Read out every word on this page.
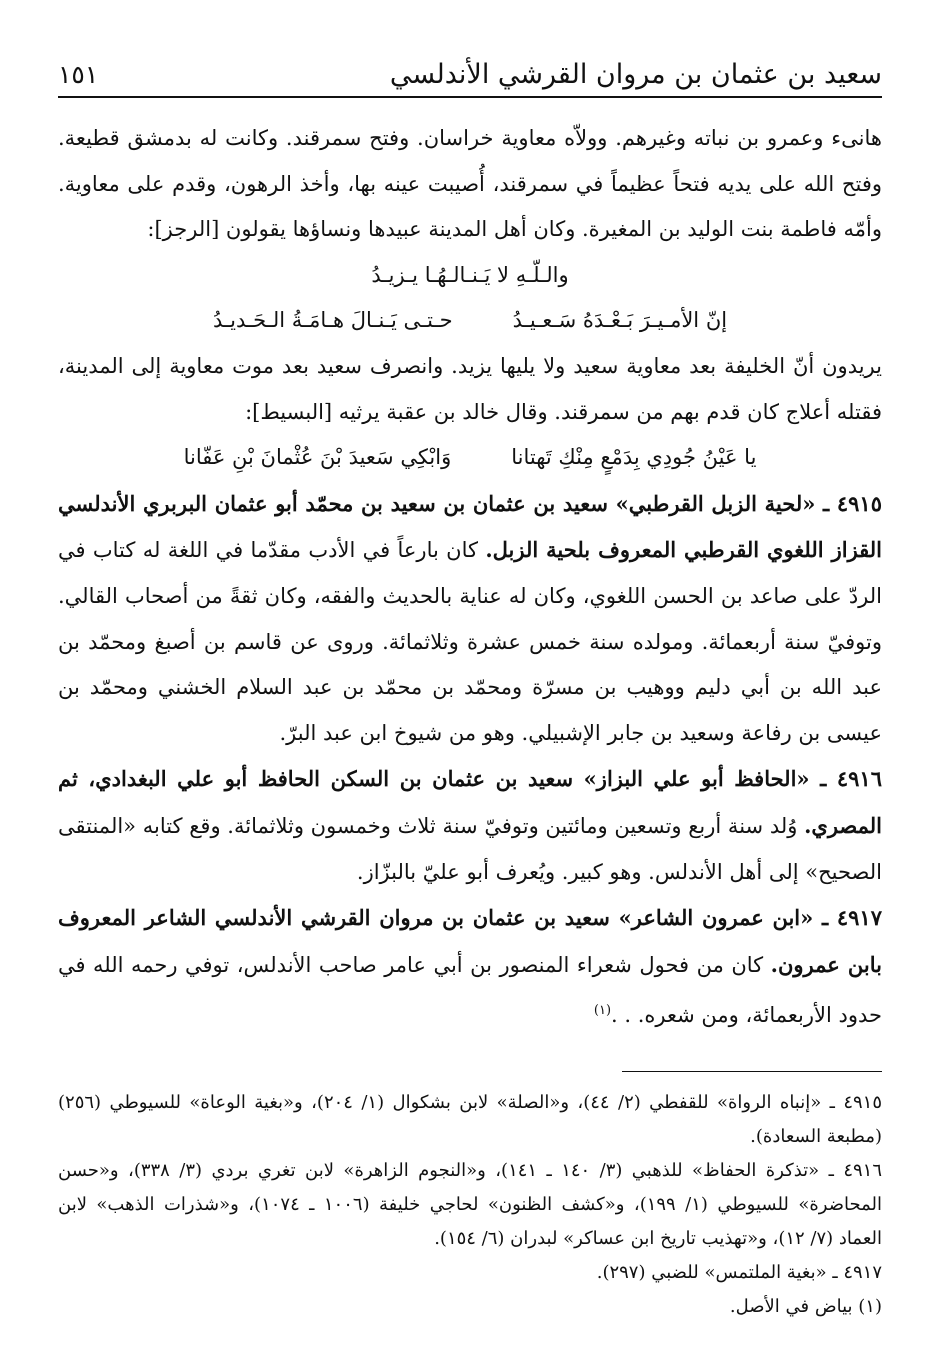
سعيد بن عثمان بن مروان القرشي الأندلسي
١٥١

هانىء وعمرو بن نباته وغيرهم. وولاّه معاوية خراسان. وفتح سمرقند. وكانت له بدمشق قطيعة. وفتح الله على يديه فتحاً عظيماً في سمرقند، أُصيبت عينه بها، وأخذ الرهون، وقدم على معاوية. وأمّه فاطمة بنت الوليد بن المغيرة. وكان أهل المدينة عبيدها ونساؤها يقولون [الرجز]:

والـلّـهِ لا يَـنـالـهُـا يـزيـدُ
إنّ الأمـيـرَ بَـعْـدَهُ سَـعـيـدُ
حـتـى يَـنـالَ هـامَـةُ الـحَـديـدُ

يريدون أنّ الخليفة بعد معاوية سعيد ولا يليها يزيد. وانصرف سعيد بعد موت معاوية إلى المدينة، فقتله أعلاج كان قدم بهم من سمرقند. وقال خالد بن عقبة يرثيه [البسيط]:

يا عَيْنُ جُودِي بِدَمْعٍ مِنْكِ تَهتانا
وَابْكِي سَعيدَ بْنَ عُثْمانَ بْنِ عَفّانا

٤٩١٥ ـ «لحية الزبل القرطبي» سعيد بن عثمان بن سعيد بن محمّد أبو عثمان البربري الأندلسي القزاز اللغوي القرطبي المعروف بلحية الزبل. كان بارعاً في الأدب مقدّما في اللغة له كتاب في الردّ على صاعد بن الحسن اللغوي، وكان له عناية بالحديث والفقه، وكان ثقةً من أصحاب القالي. وتوفيّ سنة أربعمائة. ومولده سنة خمس عشرة وثلاثمائة. وروى عن قاسم بن أصبغ ومحمّد بن عبد الله بن أبي دليم ووهيب بن مسرّة ومحمّد بن محمّد بن عبد السلام الخشني ومحمّد بن عيسى بن رفاعة وسعيد بن جابر الإشبيلي. وهو من شيوخ ابن عبد البرّ.

٤٩١٦ ـ «الحافظ أبو علي البزاز» سعيد بن عثمان بن السكن الحافظ أبو علي البغدادي، ثم المصري. وُلد سنة أربع وتسعين ومائتين وتوفيّ سنة ثلاث وخمسون وثلاثمائة. وقع كتابه «المنتقى الصحيح» إلى أهل الأندلس. وهو كبير. ويُعرف أبو عليّ بالبزّاز.

٤٩١٧ ـ «ابن عمرون الشاعر» سعيد بن عثمان بن مروان القرشي الأندلسي الشاعر المعروف بابن عمرون. كان من فحول شعراء المنصور بن أبي عامر صاحب الأندلس، توفي رحمه الله في حدود الأربعمائة، ومن شعره. . .$^{(١)}$

٤٩١٥ ـ «إنباه الرواة» للقفطي (٢/ ٤٤)، و«الصلة» لابن بشكوال (١/ ٢٠٤)، و«بغية الوعاة» للسيوطي (٢٥٦) (مطبعة السعادة).

٤٩١٦ ـ «تذكرة الحفاظ» للذهبي (٣/ ١٤٠ ـ ١٤١)، و«النجوم الزاهرة» لابن تغري بردي (٣/ ٣٣٨)، و«حسن المحاضرة» للسيوطي (١/ ١٩٩)، و«كشف الظنون» لحاجي خليفة (١٠٠٦ ـ ١٠٧٤)، و«شذرات الذهب» لابن العماد (٧/ ١٢)، و«تهذيب تاريخ ابن عساكر» لبدران (٦/ ١٥٤).

٤٩١٧ ـ «بغية الملتمس» للضبي (٢٩٧).

(١) بياض في الأصل.
